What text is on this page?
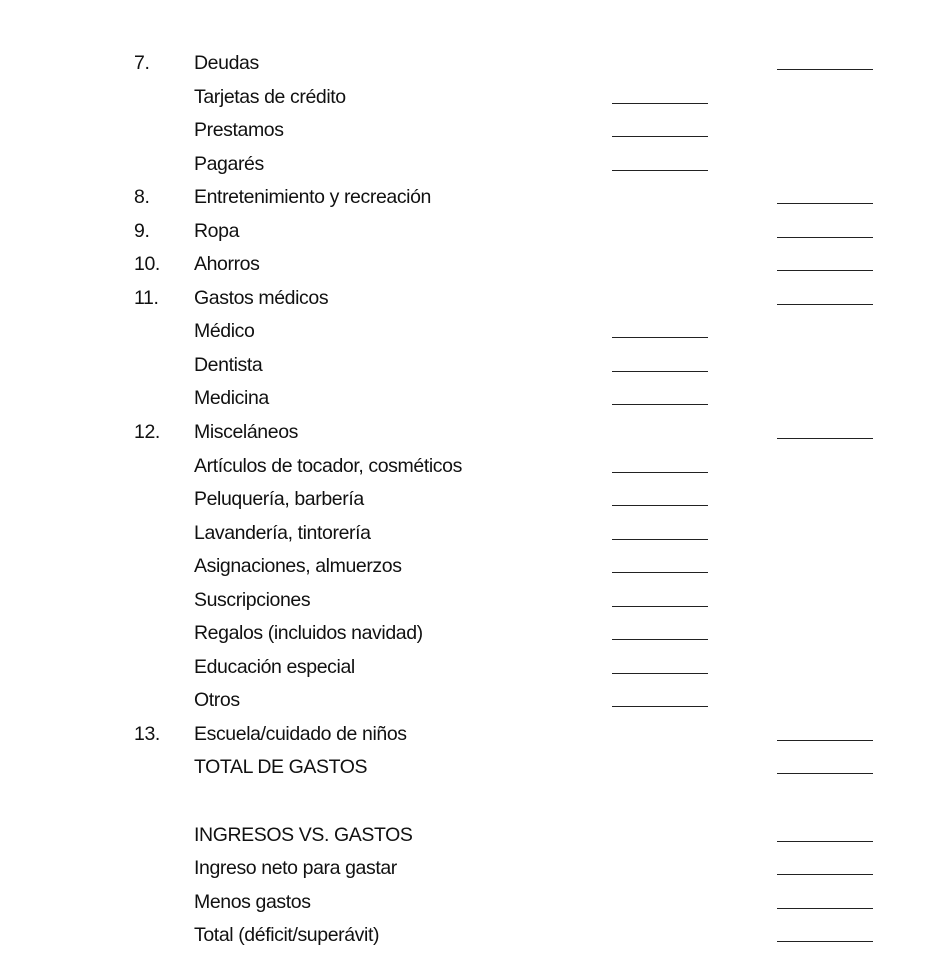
7. Deudas
Tarjetas de crédito
Prestamos
Pagarés
8. Entretenimiento y recreación
9. Ropa
10. Ahorros
11. Gastos médicos
Médico
Dentista
Medicina
12. Misceláneos
Artículos de tocador, cosméticos
Peluquería, barbería
Lavandería, tintorería
Asignaciones, almuerzos
Suscripciones
Regalos (incluidos navidad)
Educación especial
Otros
13. Escuela/cuidado de niños
TOTAL DE GASTOS
INGRESOS VS. GASTOS
Ingreso neto para gastar
Menos gastos
Total (déficit/superávit)
